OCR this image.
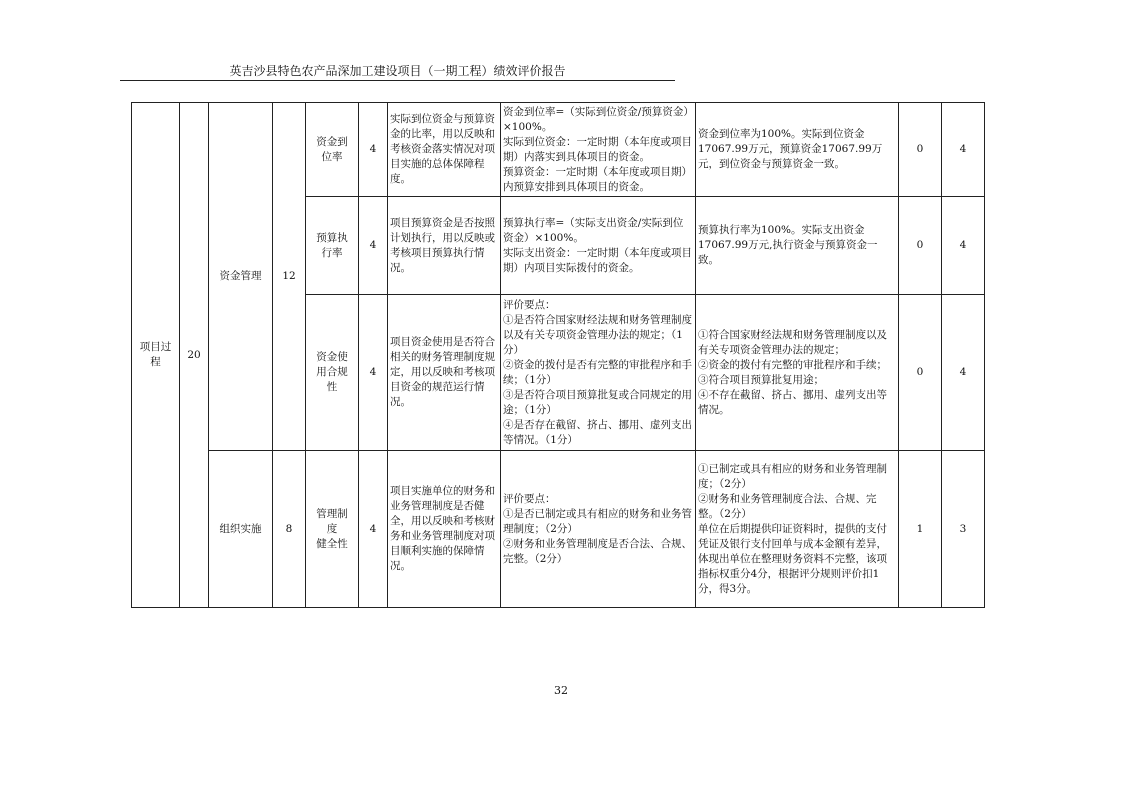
英吉沙县特色农产品深加工建设项目（一期工程）绩效评价报告
项目过
程	20	资金管理	12	资金到
位率	4	实际到位资金与预算资金的比率，用以反映和考核资金落实情况对项目实施的总体保障程度。	资金到位率=（实际到位资金/预算资金）×100%。
实际到位资金：一定时期（本年度或项目期）内落实到具体项目的资金。
预算资金：一定时期（本年度或项目期）内预算安排到具体项目的资金。	资金到位率为100%。实际到位资金17067.99万元，预算资金17067.99万元，到位资金与预算资金一致。	0	4
				预算执
行率	4	项目预算资金是否按照计划执行，用以反映或考核项目预算执行情况。	预算执行率=（实际支出资金/实际到位资金）×100%。
实际支出资金：一定时期（本年度或项目期）内项目实际拨付的资金。	预算执行率为100%。实际支出资金17067.99万元,执行资金与预算资金一致。	0	4
				资金使
用合规
性	4	项目资金使用是否符合相关的财务管理制度规定，用以反映和考核项目资金的规范运行情况。	评价要点：
①是否符合国家财经法规和财务管理制度以及有关专项资金管理办法的规定；（1分）
②资金的拨付是否有完整的审批程序和手续；（1分）
③是否符合项目预算批复或合同规定的用途；（1分）
④是否存在截留、挤占、挪用、虚列支出等情况。（1分）	①符合国家财经法规和财务管理制度以及有关专项资金管理办法的规定；
②资金的拨付有完整的审批程序和手续；
③符合项目预算批复用途；
④不存在截留、挤占、挪用、虚列支出等情况。	0	4
		组织实施	8	管理制
度
健全性	4	项目实施单位的财务和业务管理制度是否健全，用以反映和考核财务和业务管理制度对项目顺利实施的保障情况。	评价要点：
①是否已制定或具有相应的财务和业务管理制度；（2分）
②财务和业务管理制度是否合法、合规、完整。（2分）	①已制定或具有相应的财务和业务管理制度；（2分）
②财务和业务管理制度合法、合规、完整。（2分）
单位在后期提供印证资料时，提供的支付凭证及银行支付回单与成本金额有差异，体现出单位在整理财务资料不完整，该项指标权重分4分，根据评分规则评价扣1分，得3分。	1	3
32
